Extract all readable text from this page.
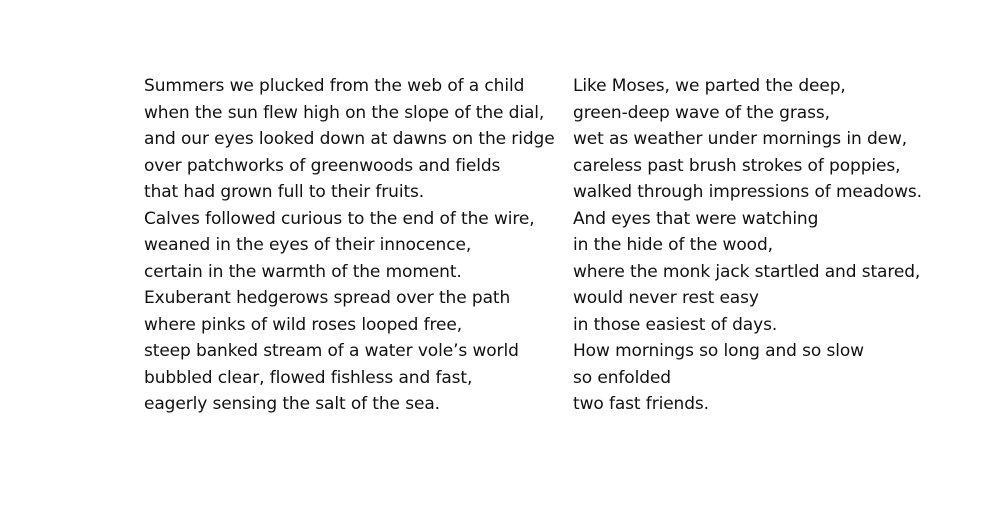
Summers we plucked from the web of a child
when the sun flew high on the slope of the dial,
and our eyes looked down at dawns on the ridge
over patchworks of greenwoods and fields
that had grown full to their fruits.
Calves followed curious to the end of the wire,
weaned in the eyes of their innocence,
certain in the warmth of the moment.
Exuberant hedgerows spread over the path
where pinks of wild roses looped free,
steep banked stream of a water vole’s world
bubbled clear, flowed fishless and fast,
eagerly sensing the salt of the sea.
Like Moses, we parted the deep,
green-deep wave of the grass,
wet as weather under mornings in dew,
careless past brush strokes of poppies,
walked through impressions of meadows.
And eyes that were watching
in the hide of the wood,
where the monk jack startled and stared,
would never rest easy
in those easiest of days.
How mornings so long and so slow
so enfolded
two fast friends.
